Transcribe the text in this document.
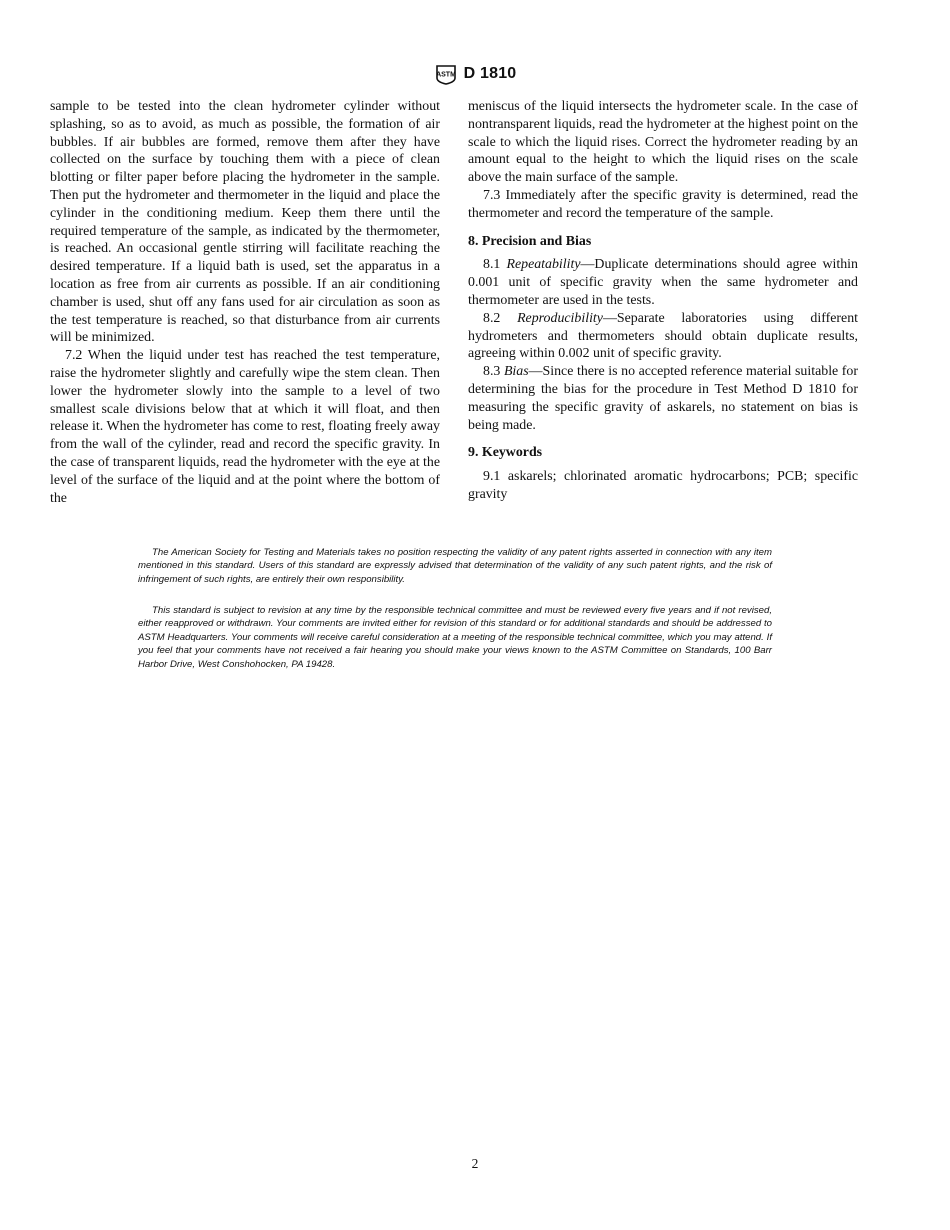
ASTM D 1810

sample to be tested into the clean hydrometer cylinder without splashing, so as to avoid, as much as possible, the formation of air bubbles. If air bubbles are formed, remove them after they have collected on the surface by touching them with a piece of clean blotting or filter paper before placing the hydrometer in the sample. Then put the hydrometer and thermometer in the liquid and place the cylinder in the conditioning medium. Keep them there until the required temperature of the sample, as indicated by the thermometer, is reached. An occasional gentle stirring will facilitate reaching the desired temperature. If a liquid bath is used, set the apparatus in a location as free from air currents as possible. If an air conditioning chamber is used, shut off any fans used for air circulation as soon as the test temperature is reached, so that disturbance from air currents will be minimized.

7.2 When the liquid under test has reached the test temperature, raise the hydrometer slightly and carefully wipe the stem clean. Then lower the hydrometer slowly into the sample to a level of two smallest scale divisions below that at which it will float, and then release it. When the hydrometer has come to rest, floating freely away from the wall of the cylinder, read and record the specific gravity. In the case of transparent liquids, read the hydrometer with the eye at the level of the surface of the liquid and at the point where the bottom of the

meniscus of the liquid intersects the hydrometer scale. In the case of nontransparent liquids, read the hydrometer at the highest point on the scale to which the liquid rises. Correct the hydrometer reading by an amount equal to the height to which the liquid rises on the scale above the main surface of the sample.

7.3 Immediately after the specific gravity is determined, read the thermometer and record the temperature of the sample.

8. Precision and Bias

8.1 Repeatability—Duplicate determinations should agree within 0.001 unit of specific gravity when the same hydrometer and thermometer are used in the tests.

8.2 Reproducibility—Separate laboratories using different hydrometers and thermometers should obtain duplicate results, agreeing within 0.002 unit of specific gravity.

8.3 Bias—Since there is no accepted reference material suitable for determining the bias for the procedure in Test Method D 1810 for measuring the specific gravity of askarels, no statement on bias is being made.

9. Keywords

9.1 askarels; chlorinated aromatic hydrocarbons; PCB; specific gravity

The American Society for Testing and Materials takes no position respecting the validity of any patent rights asserted in connection with any item mentioned in this standard. Users of this standard are expressly advised that determination of the validity of any such patent rights, and the risk of infringement of such rights, are entirely their own responsibility.

This standard is subject to revision at any time by the responsible technical committee and must be reviewed every five years and if not revised, either reapproved or withdrawn. Your comments are invited either for revision of this standard or for additional standards and should be addressed to ASTM Headquarters. Your comments will receive careful consideration at a meeting of the responsible technical committee, which you may attend. If you feel that your comments have not received a fair hearing you should make your views known to the ASTM Committee on Standards, 100 Barr Harbor Drive, West Conshohocken, PA 19428.

2
